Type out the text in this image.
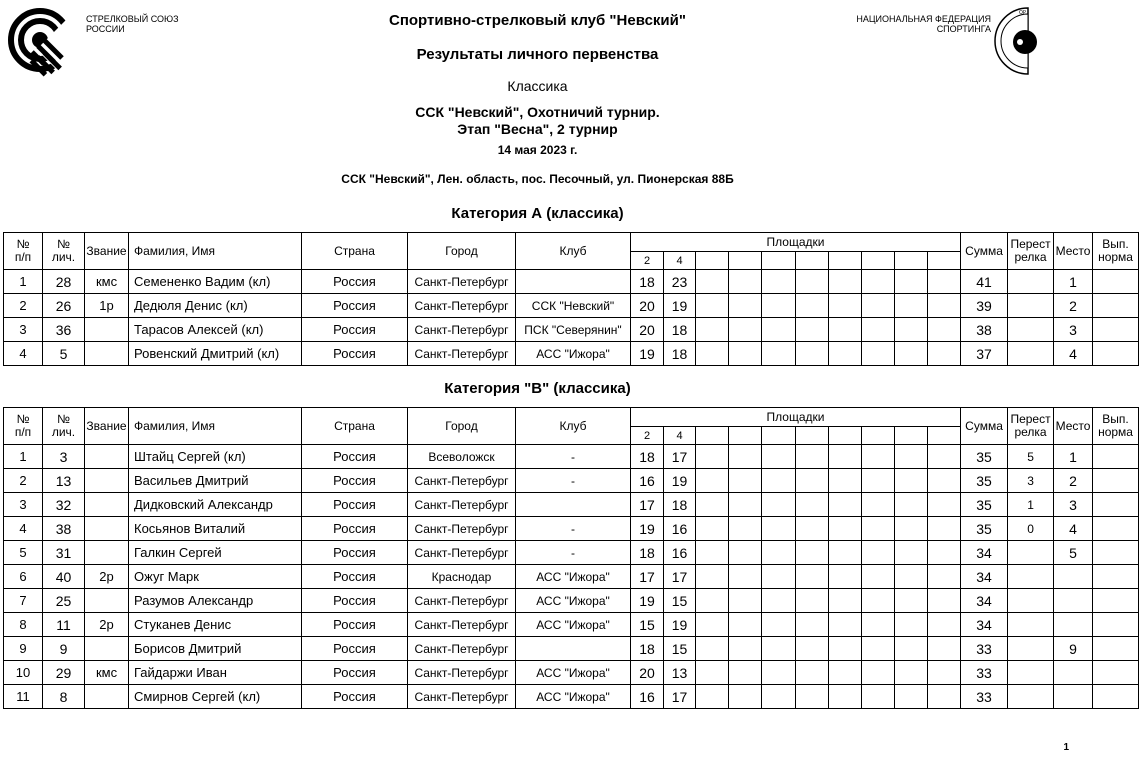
ОР
СТРЕЛКОВЫЙ СОЮЗ
РОССИИ
НАЦИОНАЛЬНАЯ ФЕДЕРАЦИЯ
СПОРТИНГА
Спортивно-стрелковый клуб "Невский"
Результаты личного первенства
Классика
ССК "Невский", Охотничий турнир.
Этап "Весна", 2 турнир
14 мая 2023 г.
ССК "Невский", Лен. область, пос. Песочный, ул. Пионерская 88Б
Категория А (классика)
Категория "В" (классика)
1
№
п/п	№
лич.	Звание	Фамилия, Имя	Страна	Город	Клуб	Площадки										Сумма	Перест
релка	Место	Вып.
норма
							2	4												
1	28	кмс	Семененко Вадим (кл)	Россия	Санкт-Петербург		18	23									41		1	
2	26	1р	Дедюля Денис (кл)	Россия	Санкт-Петербург	ССК "Невский"	20	19									39		2	
3	36		Тарасов Алексей (кл)	Россия	Санкт-Петербург	ПСК "Северянин"	20	18									38		3	
4	5		Ровенский Дмитрий (кл)	Россия	Санкт-Петербург	АСС "Ижора"	19	18									37		4	
№
п/п	№
лич.	Звание	Фамилия, Имя	Страна	Город	Клуб	Площадки										Сумма	Перест
релка	Место	Вып.
норма
							2	4												
1	3		Штайц Сергей (кл)	Россия	Всеволожск	-	18	17									35	5	1	
2	13		Васильев Дмитрий	Россия	Санкт-Петербург	-	16	19									35	3	2	
3	32		Дидковский Александр	Россия	Санкт-Петербург		17	18									35	1	3	
4	38		Косьянов Виталий	Россия	Санкт-Петербург	-	19	16									35	0	4	
5	31		Галкин Сергей	Россия	Санкт-Петербург	-	18	16									34		5	
6	40	2р	Ожуг Марк	Россия	Краснодар	АСС "Ижора"	17	17									34			
7	25		Разумов Александр	Россия	Санкт-Петербург	АСС "Ижора"	19	15									34			
8	11	2р	Стуканев Денис	Россия	Санкт-Петербург	АСС "Ижора"	15	19									34			
9	9		Борисов Дмитрий	Россия	Санкт-Петербург		18	15									33		9	
10	29	кмс	Гайдаржи Иван	Россия	Санкт-Петербург	АСС "Ижора"	20	13									33			
11	8		Смирнов Сергей (кл)	Россия	Санкт-Петербург	АСС "Ижора"	16	17									33			
